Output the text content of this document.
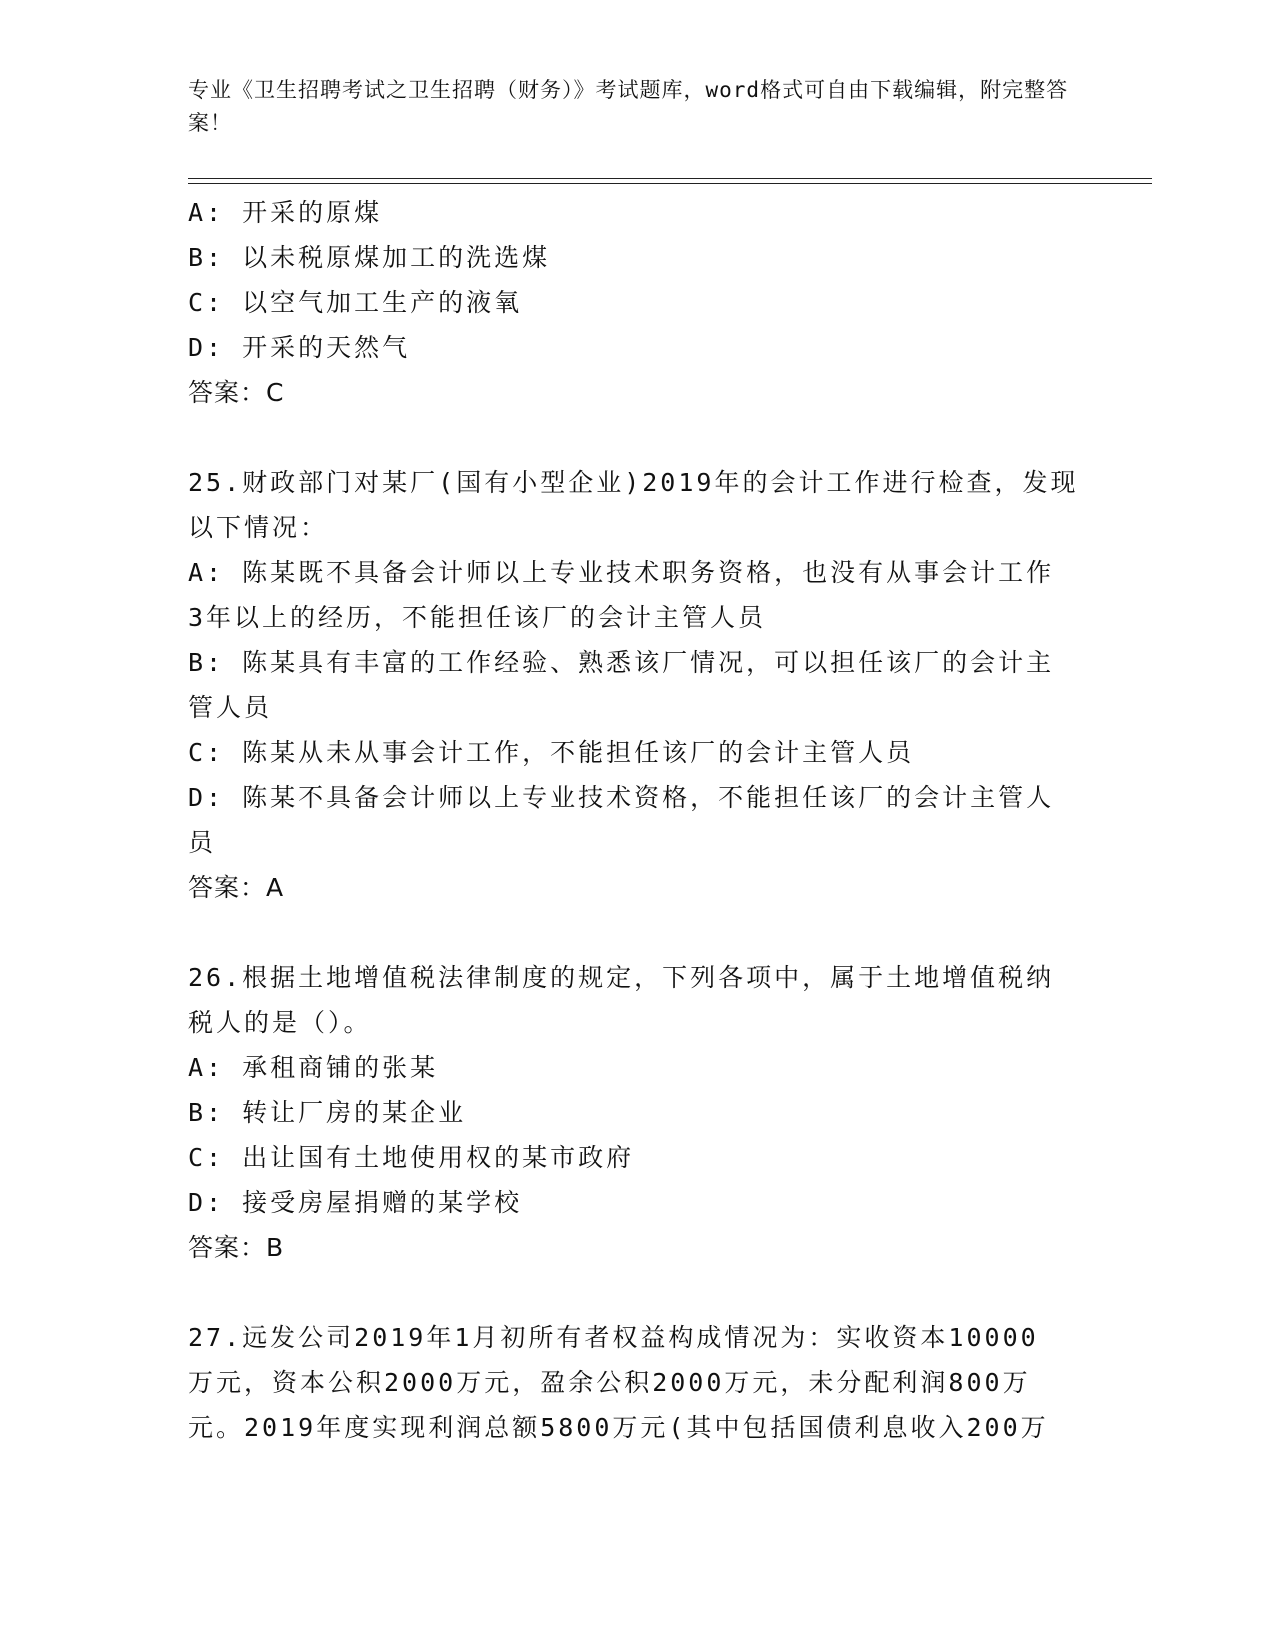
专业《卫生招聘考试之卫生招聘（财务）》考试题库，word格式可自由下载编辑，附完整答案！
A: 开采的原煤
B: 以未税原煤加工的洗选煤
C: 以空气加工生产的液氧
D: 开采的天然气
答案：C
25.财政部门对某厂(国有小型企业)2019年的会计工作进行检查，发现
以下情况：
A: 陈某既不具备会计师以上专业技术职务资格，也没有从事会计工作
3年以上的经历，不能担任该厂的会计主管人员
B: 陈某具有丰富的工作经验、熟悉该厂情况，可以担任该厂的会计主
管人员
C: 陈某从未从事会计工作，不能担任该厂的会计主管人员
D: 陈某不具备会计师以上专业技术资格，不能担任该厂的会计主管人
员
答案：A
26.根据土地增值税法律制度的规定，下列各项中，属于土地增值税纳
税人的是（）。
A: 承租商铺的张某
B: 转让厂房的某企业
C: 出让国有土地使用权的某市政府
D: 接受房屋捐赠的某学校
答案：B
27.远发公司2019年1月初所有者权益构成情况为：实收资本10000
万元，资本公积2000万元，盈余公积2000万元，未分配利润800万
元。2019年度实现利润总额5800万元(其中包括国债利息收入200万
